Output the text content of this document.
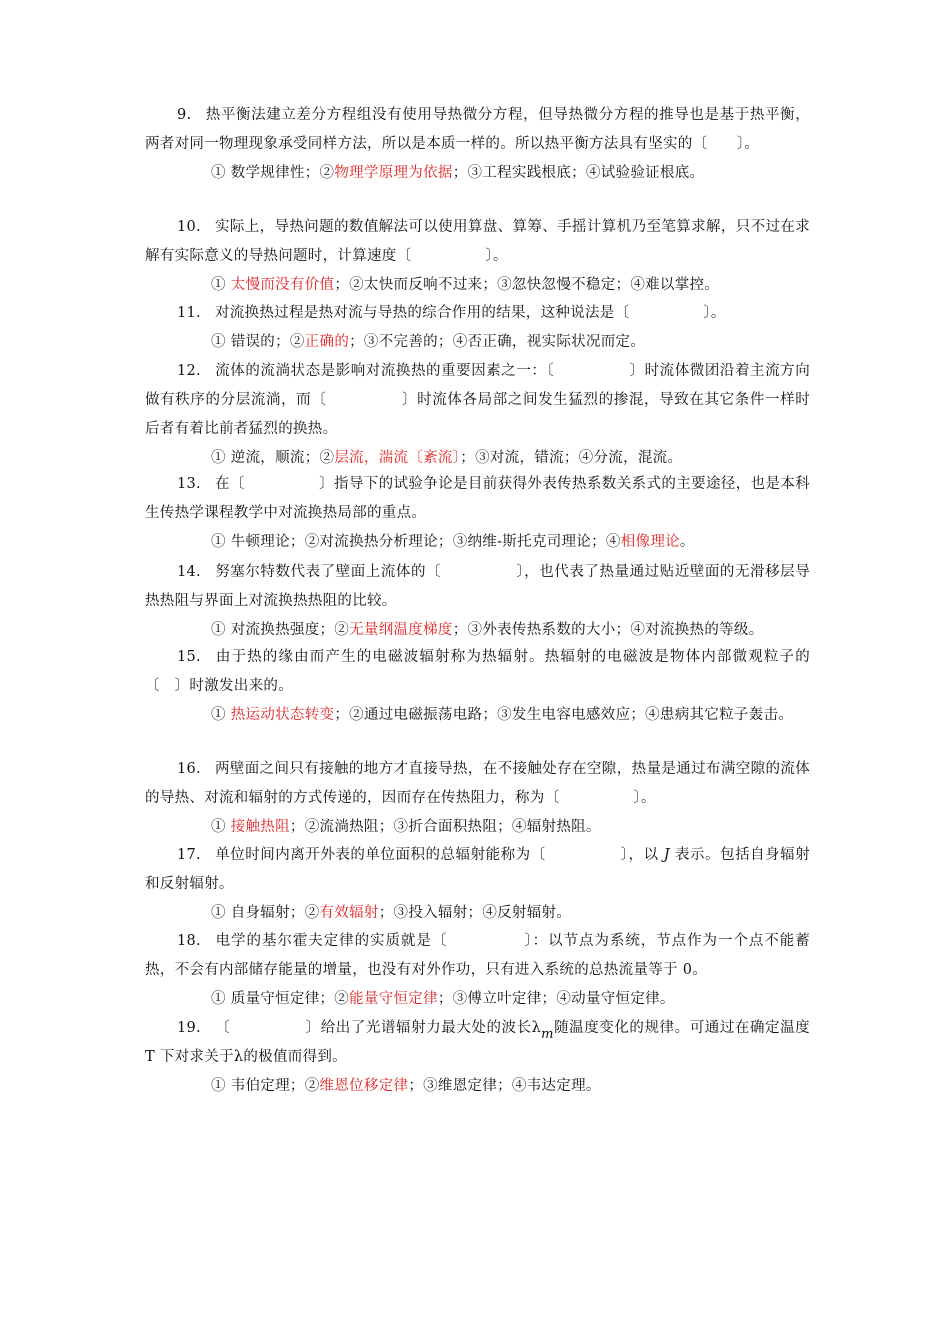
9. 热平衡法建立差分方程组没有使用导热微分方程，但导热微分方程的推导也是基于热平衡，两者对同一物理现象承受同样方法，所以是本质一样的。所以热平衡方法具有坚实的〔　　〕。

① 数学规律性；②物理学原理为依据；③工程实践根底；④试验验证根底。

10. 实际上，导热问题的数值解法可以使用算盘、算筹、手摇计算机乃至笔算求解，只不过在求解有实际意义的导热问题时，计算速度〔　　　　　〕。

① 太慢而没有价值；②太快而反响不过来；③忽快忽慢不稳定；④难以掌控。

11. 对流换热过程是热对流与导热的综合作用的结果，这种说法是〔　　　　　〕。

① 错误的；②正确的；③不完善的；④否正确，视实际状况而定。

12. 流体的流淌状态是影响对流换热的重要因素之一：〔　　　　　〕时流体微团沿着主流方向做有秩序的分层流淌，而〔　　　　　〕时流体各局部之间发生猛烈的掺混，导致在其它条件一样时后者有着比前者猛烈的换热。

① 逆流，顺流；②层流，湍流〔紊流〕；③对流，错流；④分流，混流。

13. 在〔　　　　　〕指导下的试验争论是目前获得外表传热系数关系式的主要途径，也是本科生传热学课程教学中对流换热局部的重点。

① 牛顿理论；②对流换热分析理论；③纳维-斯托克司理论；④相像理论。

14. 努塞尔特数代表了壁面上流体的〔　　　　　〕，也代表了热量通过贴近壁面的无滑移层导热热阻与界面上对流换热热阻的比较。

① 对流换热强度；②无量纲温度梯度；③外表传热系数的大小；④对流换热的等级。

15. 由于热的缘由而产生的电磁波辐射称为热辐射。热辐射的电磁波是物体内部微观粒子的〔　〕时激发出来的。

① 热运动状态转变；②通过电磁振荡电路；③发生电容电感效应；④患病其它粒子轰击。

16. 两壁面之间只有接触的地方才直接导热，在不接触处存在空隙，热量是通过布满空隙的流体的导热、对流和辐射的方式传递的，因而存在传热阻力，称为〔　　　　　〕。

① 接触热阻；②流淌热阻；③折合面积热阻；④辐射热阻。

17. 单位时间内离开外表的单位面积的总辐射能称为〔　　　　　〕，以 J 表示。包括自身辐射和反射辐射。

① 自身辐射；②有效辐射；③投入辐射；④反射辐射。

18. 电学的基尔霍夫定律的实质就是〔　　　　　〕：以节点为系统，节点作为一个点不能蓄热，不会有内部储存能量的增量，也没有对外作功，只有进入系统的总热流量等于 0。

① 质量守恒定律；②能量守恒定律；③傅立叶定律；④动量守恒定律。

19. 〔　　　　　〕给出了光谱辐射力最大处的波长λm随温度变化的规律。可通过在确定温度 T 下对求关于λ的极值而得到。

① 韦伯定理；②维恩位移定律；③维恩定律；④韦达定理。
